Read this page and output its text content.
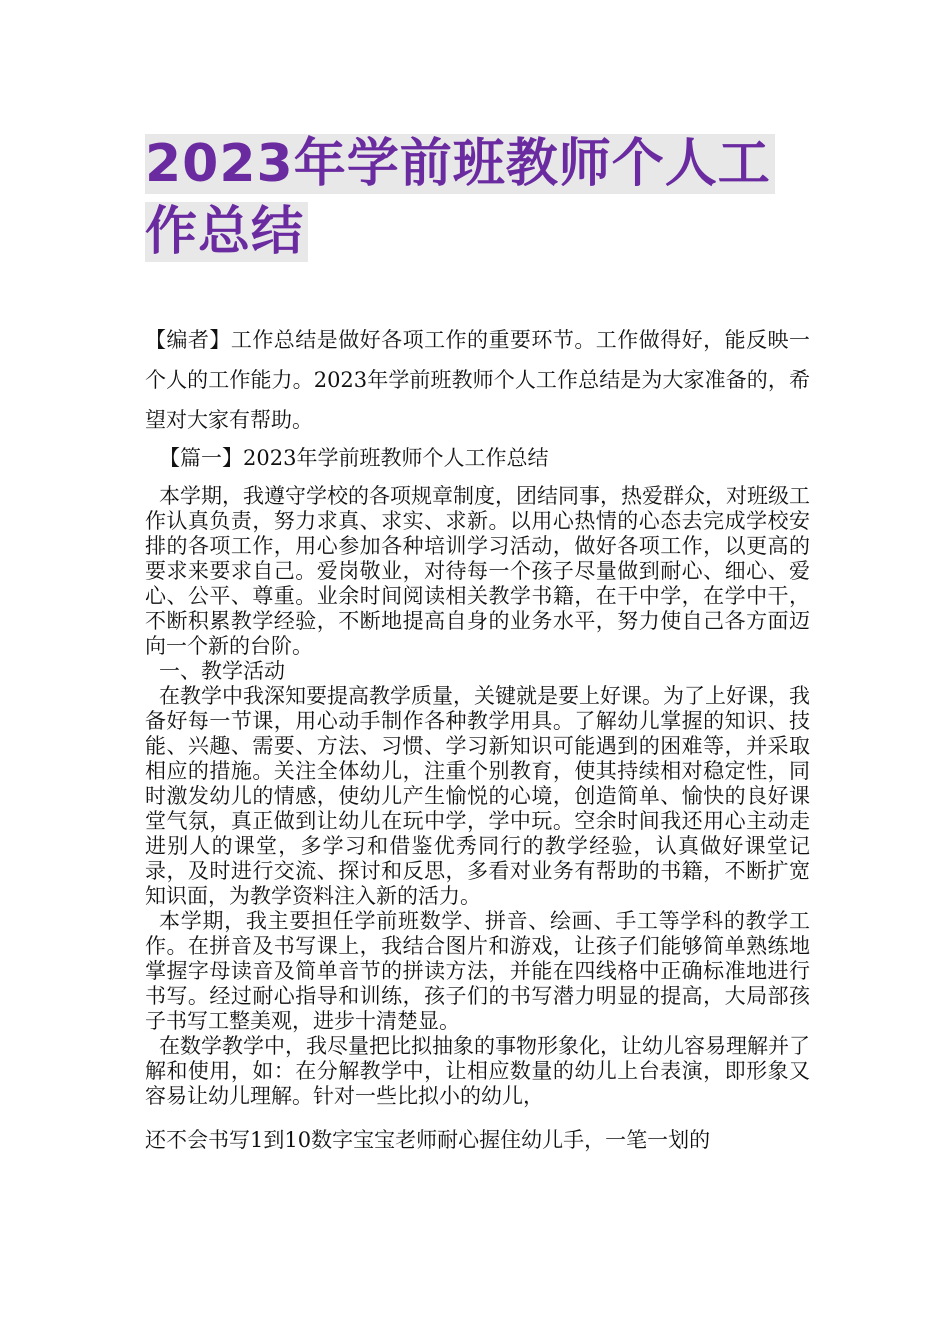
2023年学前班教师个人工作总结
【编者】工作总结是做好各项工作的重要环节。工作做得好，能反映一个人的工作能力。2023年学前班教师个人工作总结是为大家准备的，希望对大家有帮助。

【篇一】2023年学前班教师个人工作总结

本学期，我遵守学校的各项规章制度，团结同事，热爱群众，对班级工作认真负责，努力求真、求实、求新。以用心热情的心态去完成学校安排的各项工作，用心参加各种培训学习活动，做好各项工作，以更高的要求来要求自己。爱岗敬业，对待每一个孩子尽量做到耐心、细心、爱心、公平、尊重。业余时间阅读相关教学书籍，在干中学，在学中干，不断积累教学经验，不断地提高自身的业务水平，努力使自己各方面迈向一个新的台阶。

一、教学活动

在教学中我深知要提高教学质量，关键就是要上好课。为了上好课，我备好每一节课，用心动手制作各种教学用具。了解幼儿掌握的知识、技能、兴趣、需要、方法、习惯、学习新知识可能遇到的困难等，并采取相应的措施。关注全体幼儿，注重个别教育，使其持续相对稳定性，同时激发幼儿的情感，使幼儿产生愉悦的心境，创造简单、愉快的良好课堂气氛，真正做到让幼儿在玩中学，学中玩。空余时间我还用心主动走进别人的课堂，多学习和借鉴优秀同行的教学经验，认真做好课堂记录，及时进行交流、探讨和反思，多看对业务有帮助的书籍，不断扩宽知识面，为教学资料注入新的活力。

本学期，我主要担任学前班数学、拼音、绘画、手工等学科的教学工作。在拼音及书写课上，我结合图片和游戏，让孩子们能够简单熟练地掌握字母读音及简单音节的拼读方法，并能在四线格中正确标准地进行书写。经过耐心指导和训练，孩子们的书写潜力明显的提高，大局部孩子书写工整美观，进步十清楚显。

在数学教学中，我尽量把比拟抽象的事物形象化，让幼儿容易理解并了解和使用，如：在分解教学中，让相应数量的幼儿上台表演，即形象又容易让幼儿理解。针对一些比拟小的幼儿，

还不会书写1到10数字宝宝老师耐心握住幼儿手，一笔一划的
